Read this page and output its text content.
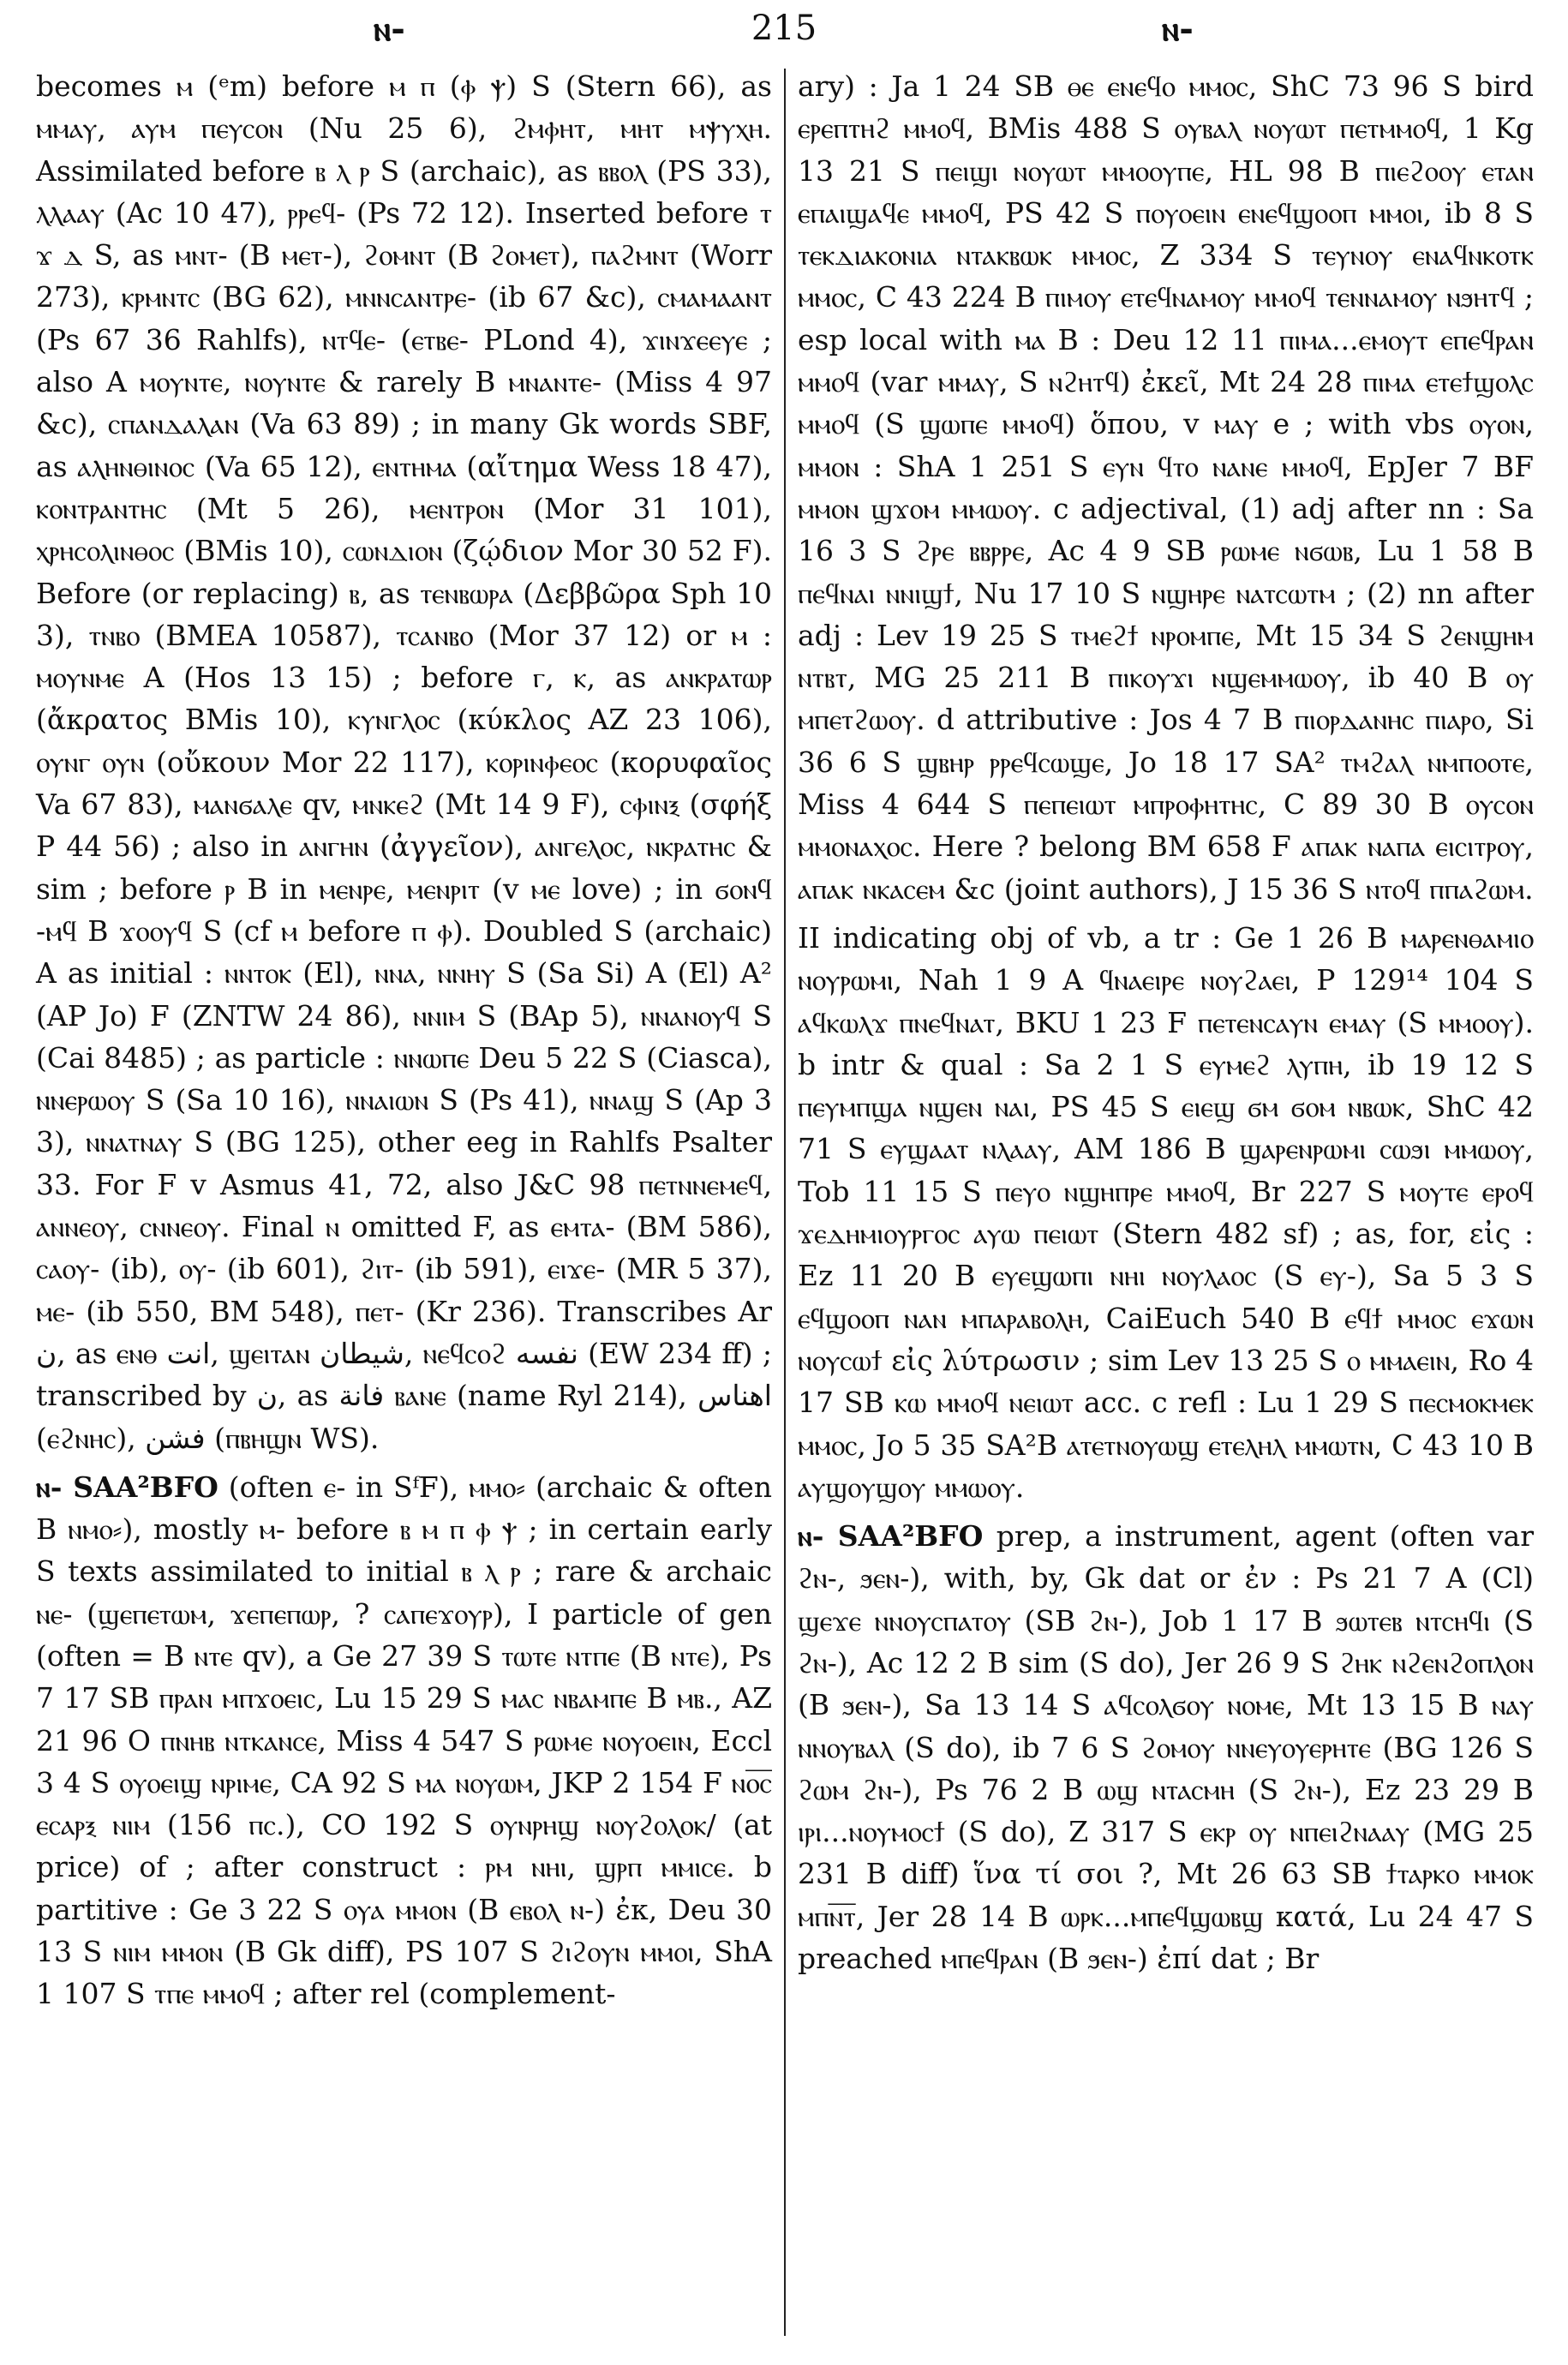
ⲛ-	215	ⲛ-

becomes ⲙ (ᵉm) before ⲙ ⲡ (ⲫ ⲯ) S (Stern 66), as ⲙⲙⲁⲩ, ⲁⲩⲙ ⲡⲉⲩⲥⲟⲛ (Nu 25 6), ϩⲙⲫⲏⲧ, ⲙⲏⲧ ⲙⲯⲩⲭⲏ. Assimilated before ⲃ ⲗ ⲣ S (archaic), as ⲃⲃⲟⲗ (PS 33), ⲗⲗⲁⲁⲩ (Ac 10 47), ⲣⲣⲉϥ- (Ps 72 12). Inserted before ⲧ ϫ ⲇ S, as ⲙⲛⲧ- (B ⲙⲉⲧ-), ϩⲟⲙⲛⲧ (B ϩⲟⲙⲉⲧ), ⲡⲁϩⲙⲛⲧ (Worr 273), ⲕⲣⲙⲛⲧⲥ (BG 62), ⲙⲛⲛⲥⲁⲛⲧⲣⲉ- (ib 67 &c), ⲥⲙⲁⲙⲁⲁⲛⲧ (Ps 67 36 Rahlfs), ⲛⲧϥⲉ- (ⲉⲧⲃⲉ- PLond 4), ϫⲓⲛϫⲉⲉⲩⲉ ; also A ⲙⲟⲩⲛⲧⲉ, ⲛⲟⲩⲛⲧⲉ & rarely B ⲙⲛⲁⲛⲧⲉ- (Miss 4 97 &c), ⲥⲡⲁⲛⲇⲁⲗⲁⲛ (Va 63 89) ; in many Gk words SBF, as ⲁⲗⲏⲛⲑⲓⲛⲟⲥ (Va 65 12), ⲉⲛⲧⲏⲙⲁ (αἴτημα Wess 18 47), ⲕⲟⲛⲧⲣⲁⲛⲧⲏⲥ (Mt 5 26), ⲙⲉⲛⲧⲣⲟⲛ (Mor 31 101), ⲭⲣⲏⲥⲟⲗⲓⲛⲑⲟⲥ (BMis 10), ⲥⲱⲛⲇⲓⲟⲛ (ζῴδιον Mor 30 52 F). Before (or replacing) ⲃ, as ⲧⲉⲛⲃⲱⲣⲁ (Δεββῶρα Sph 10 3), ⲧⲛⲃⲟ (BMEA 10587), ⲧⲥⲁⲛⲃⲟ (Mor 37 12) or ⲙ : ⲙⲟⲩⲛⲙⲉ A (Hos 13 15) ; before ⲅ, ⲕ, as ⲁⲛⲕⲣⲁⲧⲱⲣ (ἄκρατος BMis 10), ⲕⲩⲛⲅⲗⲟⲥ (κύκλος AZ 23 106), ⲟⲩⲛⲅ ⲟⲩⲛ (οὔκουν Mor 22 117), ⲕⲟⲣⲓⲛⲫⲉⲟⲥ (κορυφαῖος Va 67 83), ⲙⲁⲛϭⲁⲗⲉ qv, ⲙⲛⲕⲉϩ (Mt 14 9 F), ⲥⲫⲓⲛⲝ (σφήξ P 44 56) ; also in ⲁⲛⲅⲏⲛ (ἀγγεῖον), ⲁⲛⲅⲉⲗⲟⲥ, ⲛⲕⲣⲁⲧⲏⲥ & sim ; before ⲣ B in ⲙⲉⲛⲣⲉ, ⲙⲉⲛⲣⲓⲧ (v ⲙⲉ love) ; in ϭⲟⲛϥ -ⲙϥ B ϫⲟⲟⲩϥ S (cf ⲙ before ⲡ ⲫ). Doubled S (archaic) A as initial : ⲛⲛⲧⲟⲕ (El), ⲛⲛⲁ, ⲛⲛⲏⲩ S (Sa Si) A (El) A² (AP Jo) F (ZNTW 24 86), ⲛⲛⲓⲙ S (BAp 5), ⲛⲛⲁⲛⲟⲩϥ S (Cai 8485) ; as particle : ⲛⲛⲱⲡⲉ Deu 5 22 S (Ciasca), ⲛⲛⲉⲣⲱⲟⲩ S (Sa 10 16), ⲛⲛⲁⲓⲱⲛ S (Ps 41), ⲛⲛⲁϣ S (Ap 3 3), ⲛⲛⲁⲧⲛⲁⲩ S (BG 125), other eeg in Rahlfs Psalter 33. For F v Asmus 41, 72, also J&C 98 ⲡⲉⲧⲛⲛⲉⲙⲉϥ, ⲁⲛⲛⲉⲟⲩ, ⲥⲛⲛⲉⲟⲩ. Final ⲛ omitted F, as ⲉⲙⲧⲁ- (BM 586), ⲥⲁⲟⲩ- (ib), ⲟⲩ- (ib 601), ϩⲓⲧ- (ib 591), ⲉⲓϫⲉ- (MR 5 37), ⲙⲉ- (ib 550, BM 548), ⲡⲉⲧ- (Kr 236). Transcribes Ar ن, as ⲉⲛⲑ انت, ϣⲉⲓⲧⲁⲛ شيطان, ⲛⲉϥⲥⲟϩ نفسه (EW 234 ff) ; transcribed by ن, as فانة ⲃⲁⲛⲉ (name Ryl 214), اهناس (ⲉϩⲛⲏⲥ), فشن (ⲡⲃⲏϣⲛ WS).

ⲛ- SAA²BFO (often ⲉ- in SᶠF), ⲙⲙⲟ⸗ (archaic & often B ⲛⲙⲟ⸗), mostly ⲙ- before ⲃ ⲙ ⲡ ⲫ ⲯ ; in certain early S texts assimilated to initial ⲃ ⲗ ⲣ ; rare & archaic ⲛⲉ- (ϣⲉⲡⲉⲧⲱⲙ, ϫⲉⲡⲉⲡⲱⲣ, ? ⲥⲁⲡⲉϫⲟⲩⲣ), I particle of gen (often = B ⲛⲧⲉ qv), a Ge 27 39 S ⲧⲱⲧⲉ ⲛⲧⲡⲉ (B ⲛⲧⲉ), Ps 7 17 SB ⲡⲣⲁⲛ ⲙⲡϫⲟⲉⲓⲥ, Lu 15 29 S ⲙⲁⲥ ⲛⲃⲁⲙⲡⲉ B ⲙⲃ., AZ 21 96 O ⲡⲛⲏⲃ ⲛⲧⲕⲁⲛⲥⲉ, Miss 4 547 S ⲣⲱⲙⲉ ⲛⲟⲩⲟⲉⲓⲛ, Eccl 3 4 S ⲟⲩⲟⲉⲓϣ ⲛⲣⲓⲙⲉ, CA 92 S ⲙⲁ ⲛⲟⲩⲱⲙ, JKP 2 154 F ⲛⲟ̅ⲥ̅ ⲉⲥⲁⲣⲝ ⲛⲓⲙ (156 ⲡⲥ.), CO 192 S ⲟⲩⲛⲣⲏϣ ⲛⲟⲩϩⲟⲗⲟⲕ/ (at price) of ; after construct : ⲣⲙ ⲛⲏⲓ, ϣⲣⲡ ⲙⲙⲓⲥⲉ. b partitive : Ge 3 22 S ⲟⲩⲁ ⲙⲙⲟⲛ (B ⲉⲃⲟⲗ ⲛ-) ἐκ, Deu 30 13 S ⲛⲓⲙ ⲙⲙⲟⲛ (B Gk diff), PS 107 S ϩⲓϩⲟⲩⲛ ⲙⲙⲟⲓ, ShA 1 107 S ⲧⲡⲉ ⲙⲙⲟϥ ; after rel (complement-

ary) : Ja 1 24 SB ⲑⲉ ⲉⲛⲉϥⲟ ⲙⲙⲟⲥ, ShC 73 96 S bird ⲉⲣⲉⲡⲧⲏϩ ⲙⲙⲟϥ, BMis 488 S ⲟⲩⲃⲁⲗ ⲛⲟⲩⲱⲧ ⲡⲉⲧⲙⲙⲟϥ, 1 Kg 13 21 S ⲡⲉⲓϣⲓ ⲛⲟⲩⲱⲧ ⲙⲙⲟⲟⲩⲡⲉ, HL 98 B ⲡⲓⲉϩⲟⲟⲩ ⲉⲧⲁⲛ ⲉⲡⲁⲓϣⲁϥⲉ ⲙⲙⲟϥ, PS 42 S ⲡⲟⲩⲟⲉⲓⲛ ⲉⲛⲉϥϣⲟⲟⲡ ⲙⲙⲟⲓ, ib 8 S ⲧⲉⲕⲇⲓⲁⲕⲟⲛⲓⲁ ⲛⲧⲁⲕⲃⲱⲕ ⲙⲙⲟⲥ, Z 334 S ⲧⲉⲩⲛⲟⲩ ⲉⲛⲁϥⲛⲕⲟⲧⲕ ⲙⲙⲟⲥ, C 43 224 B ⲡⲓⲙⲟⲩ ⲉⲧⲉϥⲛⲁⲙⲟⲩ ⲙⲙⲟϥ ⲧⲉⲛⲛⲁⲙⲟⲩ ⲛϧⲏⲧϥ ; esp local with ⲙⲁ B : Deu 12 11 ⲡⲓⲙⲁ...ⲉⲙⲟⲩⲧ ⲉⲡⲉϥⲣⲁⲛ ⲙⲙⲟϥ (var ⲙⲙⲁⲩ, S ⲛϩⲏⲧϥ) ἐκεῖ, Mt 24 28 ⲡⲓⲙⲁ ⲉⲧⲉϯϣⲟⲗⲥ ⲙⲙⲟϥ (S ϣⲱⲡⲉ ⲙⲙⲟϥ) ὅπου, v ⲙⲁⲩ e ; with vbs ⲟⲩⲟⲛ, ⲙⲙⲟⲛ : ShA 1 251 S ⲉⲩⲛ ϥⲧⲟ ⲛⲁⲛⲉ ⲙⲙⲟϥ, EpJer 7 BF ⲙⲙⲟⲛ ϣϫⲟⲙ ⲙⲙⲱⲟⲩ. c adjectival, (1) adj after nn : Sa 16 3 S ϩⲣⲉ ⲃⲃⲣⲣⲉ, Ac 4 9 SB ⲣⲱⲙⲉ ⲛϭⲱⲃ, Lu 1 58 B ⲡⲉϥⲛⲁⲓ ⲛⲛⲓϣϯ, Nu 17 10 S ⲛϣⲏⲣⲉ ⲛⲁⲧⲥⲱⲧⲙ ; (2) nn after adj : Lev 19 25 S ⲧⲙⲉϩϯ ⲛⲣⲟⲙⲡⲉ, Mt 15 34 S ϩⲉⲛϣⲏⲙ ⲛⲧⲃⲧ, MG 25 211 B ⲡⲓⲕⲟⲩϫⲓ ⲛϣⲉⲙⲙⲱⲟⲩ, ib 40 B ⲟⲩ ⲙⲡⲉⲧϩⲱⲟⲩ. d attributive : Jos 4 7 B ⲡⲓⲟⲣⲇⲁⲛⲏⲥ ⲡⲓⲁⲣⲟ, Si 36 6 S ϣⲃⲏⲣ ⲣⲣⲉϥⲥⲱϣⲉ, Jo 18 17 SA² ⲧⲙϩⲁⲗ ⲛⲙⲡⲟⲟⲧⲉ, Miss 4 644 S ⲡⲉⲡⲉⲓⲱⲧ ⲙⲡⲣⲟⲫⲏⲧⲏⲥ, C 89 30 B ⲟⲩⲥⲟⲛ ⲙⲙⲟⲛⲁⲭⲟⲥ. Here ? belong BM 658 F ⲁⲡⲁⲕ ⲛⲁⲡⲁ ⲉⲓⲥⲓⲧⲣⲟⲩ, ⲁⲡⲁⲕ ⲛⲕⲁⲥⲉⲙ &c (joint authors), J 15 36 S ⲛⲧⲟϥ ⲡⲡⲁϩⲱⲙ.

II indicating obj of vb, a tr : Ge 1 26 B ⲙⲁⲣⲉⲛⲑⲁⲙⲓⲟ ⲛⲟⲩⲣⲱⲙⲓ, Nah 1 9 A ϥⲛⲁⲉⲓⲣⲉ ⲛⲟⲩϩⲁⲉⲓ, P 129¹⁴ 104 S ⲁϥⲕⲱⲗϫ ⲡⲛⲉϥⲛⲁⲧ, BKU 1 23 F ⲡⲉⲧⲉⲛⲥⲁⲩⲛ ⲉⲙⲁⲩ (S ⲙⲙⲟⲟⲩ). b intr & qual : Sa 2 1 S ⲉⲩⲙⲉϩ ⲗⲩⲡⲏ, ib 19 12 S ⲡⲉⲩⲙⲡϣⲁ ⲛϣⲉⲛ ⲛⲁⲓ, PS 45 S ⲉⲓⲉϣ ϭⲙ ϭⲟⲙ ⲛⲃⲱⲕ, ShC 42 71 S ⲉⲩϣⲁⲁⲧ ⲛⲗⲁⲁⲩ, AM 186 B ϣⲁⲣⲉⲛⲣⲱⲙⲓ ⲥⲱϧⲓ ⲙⲙⲱⲟⲩ, Tob 11 15 S ⲡⲉⲩⲟ ⲛϣⲏⲡⲣⲉ ⲙⲙⲟϥ, Br 227 S ⲙⲟⲩⲧⲉ ⲉⲣⲟϥ ϫⲉⲇⲏⲙⲓⲟⲩⲣⲅⲟⲥ ⲁⲩⲱ ⲡⲉⲓⲱⲧ (Stern 482 sf) ; as, for, εἰς : Ez 11 20 B ⲉⲩⲉϣⲱⲡⲓ ⲛⲏⲓ ⲛⲟⲩⲗⲁⲟⲥ (S ⲉⲩ-), Sa 5 3 S ⲉϥϣⲟⲟⲡ ⲛⲁⲛ ⲙⲡⲁⲣⲁⲃⲟⲗⲏ, CaiEuch 540 B ⲉϥϯ ⲙⲙⲟⲥ ⲉϫⲱⲛ ⲛⲟⲩⲥⲱϯ εἰς λύτρωσιν ; sim Lev 13 25 S ⲟ ⲙⲙⲁⲉⲓⲛ, Ro 4 17 SB ⲕⲱ ⲙⲙⲟϥ ⲛⲉⲓⲱⲧ acc. c refl : Lu 1 29 S ⲡⲉⲥⲙⲟⲕⲙⲉⲕ ⲙⲙⲟⲥ, Jo 5 35 SA²B ⲁⲧⲉⲧⲛⲟⲩⲱϣ ⲉⲧⲉⲗⲏⲗ ⲙⲙⲱⲧⲛ, C 43 10 B ⲁⲩϣⲟⲩϣⲟⲩ ⲙⲙⲱⲟⲩ.

ⲛ- SAA²BFO prep, a instrument, agent (often var ϩⲛ-, ϧⲉⲛ-), with, by, Gk dat or ἐν : Ps 21 7 A (Cl) ϣⲉϫⲉ ⲛⲛⲟⲩⲥⲡⲁⲧⲟⲩ (SB ϩⲛ-), Job 1 17 B ϧⲱⲧⲉⲃ ⲛⲧⲥⲏϥⲓ (S ϩⲛ-), Ac 12 2 B sim (S do), Jer 26 9 S ϩⲏⲕ ⲛϩⲉⲛϩⲟⲡⲗⲟⲛ (B ϧⲉⲛ-), Sa 13 14 S ⲁϥⲥⲟⲗϭⲟⲩ ⲛⲟⲙⲉ, Mt 13 15 B ⲛⲁⲩ ⲛⲛⲟⲩⲃⲁⲗ (S do), ib 7 6 S ϩⲟⲙⲟⲩ ⲛⲛⲉⲩⲟⲩⲉⲣⲏⲧⲉ (BG 126 S ϩⲱⲙ ϩⲛ-), Ps 76 2 B ⲱϣ ⲛⲧⲁⲥⲙⲏ (S ϩⲛ-), Ez 23 29 B ⲓⲣⲓ...ⲛⲟⲩⲙⲟⲥϯ (S do), Z 317 S ⲉⲕⲣ ⲟⲩ ⲛⲡⲉⲓϩⲛⲁⲁⲩ (MG 25 231 B diff) ἵνα τί σοι ?, Mt 26 63 SB ϯⲧⲁⲣⲕⲟ ⲙⲙⲟⲕ ⲙⲡⲛ̅ⲧ̅, Jer 28 14 B ⲱⲣⲕ...ⲙⲡⲉϥϣⲱⲃϣ κατά, Lu 24 47 S preached ⲙⲡⲉϥⲣⲁⲛ (B ϧⲉⲛ-) ἐπί dat ; Br
